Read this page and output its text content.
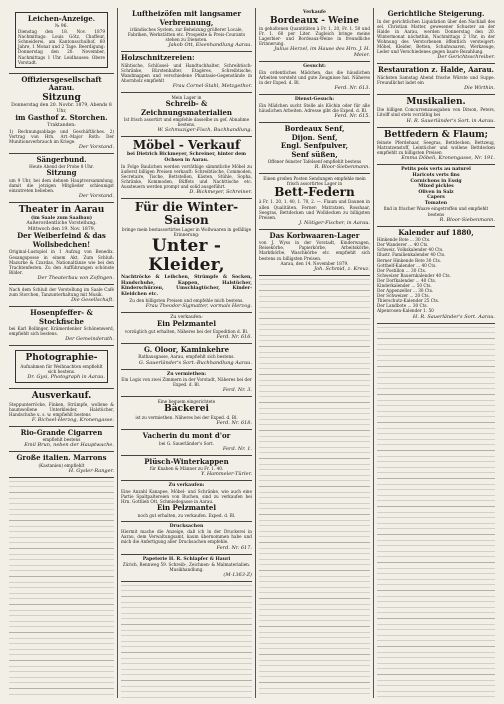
Leichen-Anzeige.
№ 96.
Dienstag den 18. Nov. 1879 Nachmittags: Louis Götz, Chaffeur, Schneiderei, am Kantonsschulhof, 60 Jahre, 1 Monat und 2 Tage. Beerdigung: Donnerstag den 20. November, Nachmittags 1 Uhr. Leidhauses: Obere Vorstadt.
Offiziersgesellschaft Aarau.
Sitzung
Donnerstag den 20. Novbr. 1879, Abends 8 Uhr,
im Gasthof z. Storchen.
Traktanden:
1) Rechnungsablage und Geschäftliches. 2) Vortrag von Hrn. Art.-Major Roth: Der Munitionsverbrauch im Kriege.
Der Vorstand.
Sängerbund.
Heute Abend der Probe 8 Uhr.
Sitzung
um 9 Uhr, bei dem dehnen Hauptversammlung, damit die jetzigen Mitglieder schleunigst einzutreten belieben.
Der Vorstand.
Theater in Aarau
(im Saale zum Saalbau)
Außerordentliche Vorstellung.
Mittwoch den 19. Nov. 1879,
Der Weiberfeind & das Wollsbedchen!
Original-Lustspiel in 1 Aufzug von Benedix. Gesangsposse in einem Akt. Zum Schluß: Mazurke & Czardas, Nationaltänze wie bei den Trachtenfesten. Zu den Aufführungen schönste Bilder.
Der Theaterbau von Zofingen.
Nach dem Schluß der Vorstellung im Saale Café zum Storchen, Tanzunterhaltung mit Musik.
Die Gesellschaft.
Hosenpfeffer- & Stockfische
bei Karl Bollinger, Krämerdenker Schönenwerd, empfiehlt sich bestens.
Der Gemeinderath.
Photographie-
Aufnahmen für Weihnachten empfiehlt sich bestens.
Dr. Gysi, Photograph in Aarau.
Ausverkauf.
Steppunterröcke, Finken, Strümpfe, wollene & baumwollene Unterkleider, Halstücher, Handschuhe u. s. w. empfiehlt bestens
F. Bichsel-Herzog, Kronengasse.
Rio-Grande Cigarren
empfiehlt bestens
Emil Brun, neben der Hauptwache.
Große italien. Marrons
(Kastanien) empfiehlt
H. Gysler-Ranger.
Luftheizöfen mit langsamer Verbrennung,
irländisches System, zur Beheizung größerer Locale, Fabriken, Werkstätten etc. Prospekte & Preis-Courants stehen zu Diensten.
Jakob Ott, Eisenhandlung Aarau.
Holzschnitzereien:
Nähtische, Schlüssel- und Handtuchhalter, Schreibtisch-Schränke, Bürstenhalter, Etagères, Schreibtische, Wandmappen und verschiedene Phantasie-Gegenstände in Ahornholz empfiehlt
Frau Cornel-Stahl, Metzgethor.
Mein Lager in
Schreib- & Zeichnungsmaterialien
Ist frisch assortirt und empfehle dasselbe zu gef. Abnahme bestens.
W. Schmuziger-Fisch, Buchhandlung.
Möbel - Verkauf
bei Dietrich Bickmeyer, Schreiner, hinter dem Ochsen in Aarau.
In Folge Baulichen werden vorräthige sämmtliche Möbel zu äußerst billigen Preisen verkauft: Schreibtische, Commoden, Secretaire, Tische, Bettstellen, Kästen, Stühle, Sopha, Schränke, Kommoden, Büffets und Nachttische etc. Aussteuern werden prompt und solid ausgeführt.
D. Bickmeyer, Schreiner.
Für die Winter-Saison
bringe mein bestassortirtes Lager in Wollwaaren in gefällige Erinnerung:
Unter - Kleider,
Nachtröcke & Leibchen, Strümpfe & Socken, Handschuhe, Kappen, Halstücher, Kinderschürzen, Umschlagtücher, Kinder-Kleidchen etc.
Zu den billigsten Preisen und empfehle mich bestens.
Frau Theodor-Sigmatter, vormals Herzog.
Zu verkaufen:
Ein Pelzmantel
vorzüglich gut erhalten, Näheres bei der Expedition d. Bl.
Ferd. Nr. 616.
G. Oloor, Kaminkehre
Rathausgasse, Aarau, empfiehlt sich bestens.
G. Sauerländer's Sort.-Buchhandlung Aarau.
Zu vermiethen:
Ein Logis von zwei Zimmern in der Vorstadt, Näheres bei der Exped. d. Bl.
Ferd. Nr. 3.
Eine bequem eingerichtete
Bäckerei
ist zu vermiethen. Näheres bei der Exped. d. Bl.
Ferd. Nr. 618.
Vacherin du mont d'or
bei G. Sauerländer's Sort.
Ferd. Nr. 1.
Plüsch-Winterkappen
für Knaben & Männer zu Fr. 1. 40.
Y. Hammeler-Türler.
Zu verkaufen:
Eine Anzahl Kanapee, Möbel- und Schränke, wie auch eine Partie Spaltpaltereien von Buchen, sind zu verkaufen bei Hrn. Gottlieb Ott, Schmiedegasse in Aarau.
Ein Pelzmantel
noch gut erhalten, zu verkaufen. Exped. d. Bl.
Drucksachen
Hiermit mache die Anzeige, daß ich in der Druckerei in Aarau, dem Verwaltungsamt, kaum übernommen habe und mich die Anfertigung aller Drucksachen empfehle.
Ferd. Nr. 617.
Papeterie H. R. Schlapfer & Hauri
Zürich, Rennweg 59. Schreib-, Zeichnen- & Malmaterialien. Musikhandlung.
(M-1363-Z)
Verkaufe
Bordeaux - Weine
in gehaltenen Quantitäten à Fr. 1. 20, Fr. 1. 50 und Fr. 1. 60 per Liter. Zugleich bringe meine Lagerbier- und Bordeaux-Weine in freundliche Erinnerung.
Julius Herzel, im Hause des Hrn. J. H. Meier.
Gesucht:
Ein ordentliches Mädchen, das die häuslichen Arbeiten versteht und gute Zeugnisse hat. Näheres in der Exped. d. Bl.
Ferd. Nr. 613.
Dienst-Gesuch:
Ein Mädchen sucht Stelle als Köchin oder für alle häuslichen Arbeiten. Adresse gibt die Exped. d. Bl.
Ferd. Nr. 615.
Bordeaux Senf,
Dijon. Senf,
Engl. Senfpulver,
Senf süßen,
Offener feinster Tafelsenf empfiehlt bestens
R. Bloor-Siebenmann.
Einen großen Posten Sendungen empfehle mein frisch assortirtes Lager in
Bett-Federn
à Fr. 1. 20, 1. 40, 1. 70, 2. —. Flaum und Daunen in allen Qualitäten. Ferner: Matratzen, Rosshaar, Seegras, Bettdecken und Wolldecken zu billigsten Preisen.
J. Nötiger-Fischer, in Aarau.
Das Korbwaaren-Lager
von J. Wyss in der Vorstadt, Kinderwagen, Reisekörbe, Papierkörbe, Arbeitskörbe, Marktkörbe, Waschkörbe etc. empfiehlt sich bestens zu billigsten Preisen.
Aarau, den 14. November 1879.
Joh. Schmid, z. Kreuz.
Gerichtliche Steigerung.
In der gerichtlichen Liquidation über den Nachlaß des sel. Christian Matter, gewesener Schuster an der Halde in Aarau, werden Donnerstag den 20. Wintermonat nächsthin, Nachmittags 2 Uhr, in der Wohnung des Verstorbenen öffentlich versteigert: Möbel, Kleider, Betten, Schuhwaaren, Werkzeuge, Leder und Verschiedenes gegen baare Bezahlung.
Der Gerichtsschreiber.
Restauration z. Halde, Aarau.
Nächsten Samstag Abend frische Würste und Suppe. Freundlichst ladet ein
Die Wirthin.
Musikalien.
Die billigen Concurrenzausgaben von Ditson, Peters, Litolff sind stets vorräthig bei
H. R. Sauerländer's Sort. in Aarau.
Bettfedern & Flaum;
feinste Pferdehaar, Seegras, Bettdecken, Bettzeug, Matratzenstoff, Leintücher und wollene Bettdecken empfiehlt zu billigsten Preisen
Emma Döbeli, Kronengasse, Nr. 191.
Petits pois verts au naturel
Haricots verts fins
Cornichons in Essig
Mixed pickles
Oliven in Salz
Capers
Tomaten
find in frischer Waare eingetroffen und empfiehlt bestens
R. Bloor-Siebenmann.
Kalender auf 1880,
Hinkende Bote ... 30 Cts.
Der Wanderer ... 40 Cts.
Schweiz. Volkskalender 40 Cts.
Illustr. Familienkalender 40 Cts.
Berner Hinkende Bote 30 Cts.
Gotthelf-Kalender ... 40 Cts.
Der Postillon ... 30 Cts.
Schweizer Bauernkalender 40 Cts.
Der Dorfkalender ... 40 Cts.
Kinderkalender ... 50 Cts.
Der Appenzeller ... 30 Cts.
Der Schweizer ... 20 Cts.
Thierschutz-Kalender 25 Cts.
Der Landbote ... 30 Cts.
Alpenrosen-Kalender 1. 50
H. R. Sauerländer's Sort. Aarau.
